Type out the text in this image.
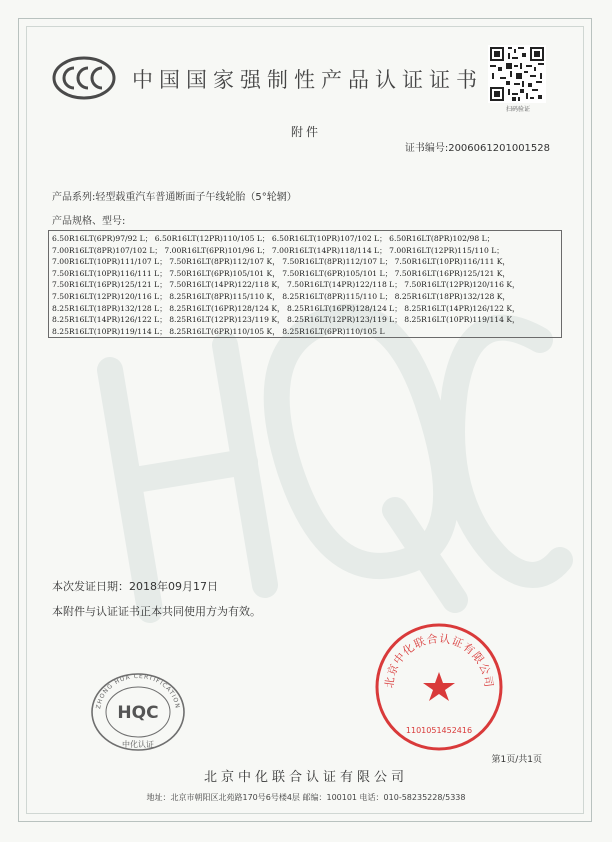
中国国家强制性产品认证证书
扫码验证
附件
证书编号:2006061201001528
产品系列:轻型载重汽车普通断面子午线轮胎（5°轮辋）
产品规格、型号:
6.50R16LT(6PR)97/92 L； 6.50R16LT(12PR)110/105 L； 6.50R16LT(10PR)107/102 L； 6.50R16LT(8PR)102/98 L；
7.00R16LT(8PR)107/102 L； 7.00R16LT(6PR)101/96 L； 7.00R16LT(14PR)118/114 L； 7.00R16LT(12PR)115/110 L；
7.00R16LT(10PR)111/107 L； 7.50R16LT(8PR)112/107 K， 7.50R16LT(8PR)112/107 L； 7.50R16LT(10PR)116/111 K，
7.50R16LT(10PR)116/111 L； 7.50R16LT(6PR)105/101 K， 7.50R16LT(6PR)105/101 L； 7.50R16LT(16PR)125/121 K，
7.50R16LT(16PR)125/121 L； 7.50R16LT(14PR)122/118 K， 7.50R16LT(14PR)122/118 L； 7.50R16LT(12PR)120/116 K，
7.50R16LT(12PR)120/116 L； 8.25R16LT(8PR)115/110 K， 8.25R16LT(8PR)115/110 L； 8.25R16LT(18PR)132/128 K，
8.25R16LT(18PR)132/128 L； 8.25R16LT(16PR)128/124 K， 8.25R16LT(16PR)128/124 L； 8.25R16LT(14PR)126/122 K，
8.25R16LT(14PR)126/122 L； 8.25R16LT(12PR)123/119 K， 8.25R16LT(12PR)123/119 L； 8.25R16LT(10PR)119/114 K，
8.25R16LT(10PR)119/114 L； 8.25R16LT(6PR)110/105 K， 8.25R16LT(6PR)110/105 L
本次发证日期：2018年09月17日
本附件与认证证书正本共同使用方为有效。
ZHONG HUA CERTIFICATION
HQC
中化认证
北京中化联合认证有限公司
1101051452416
第1页/共1页
北京中化联合认证有限公司
地址：北京市朝阳区北苑路170号6号楼4层 邮编：100101 电话：010-58235228/5338
